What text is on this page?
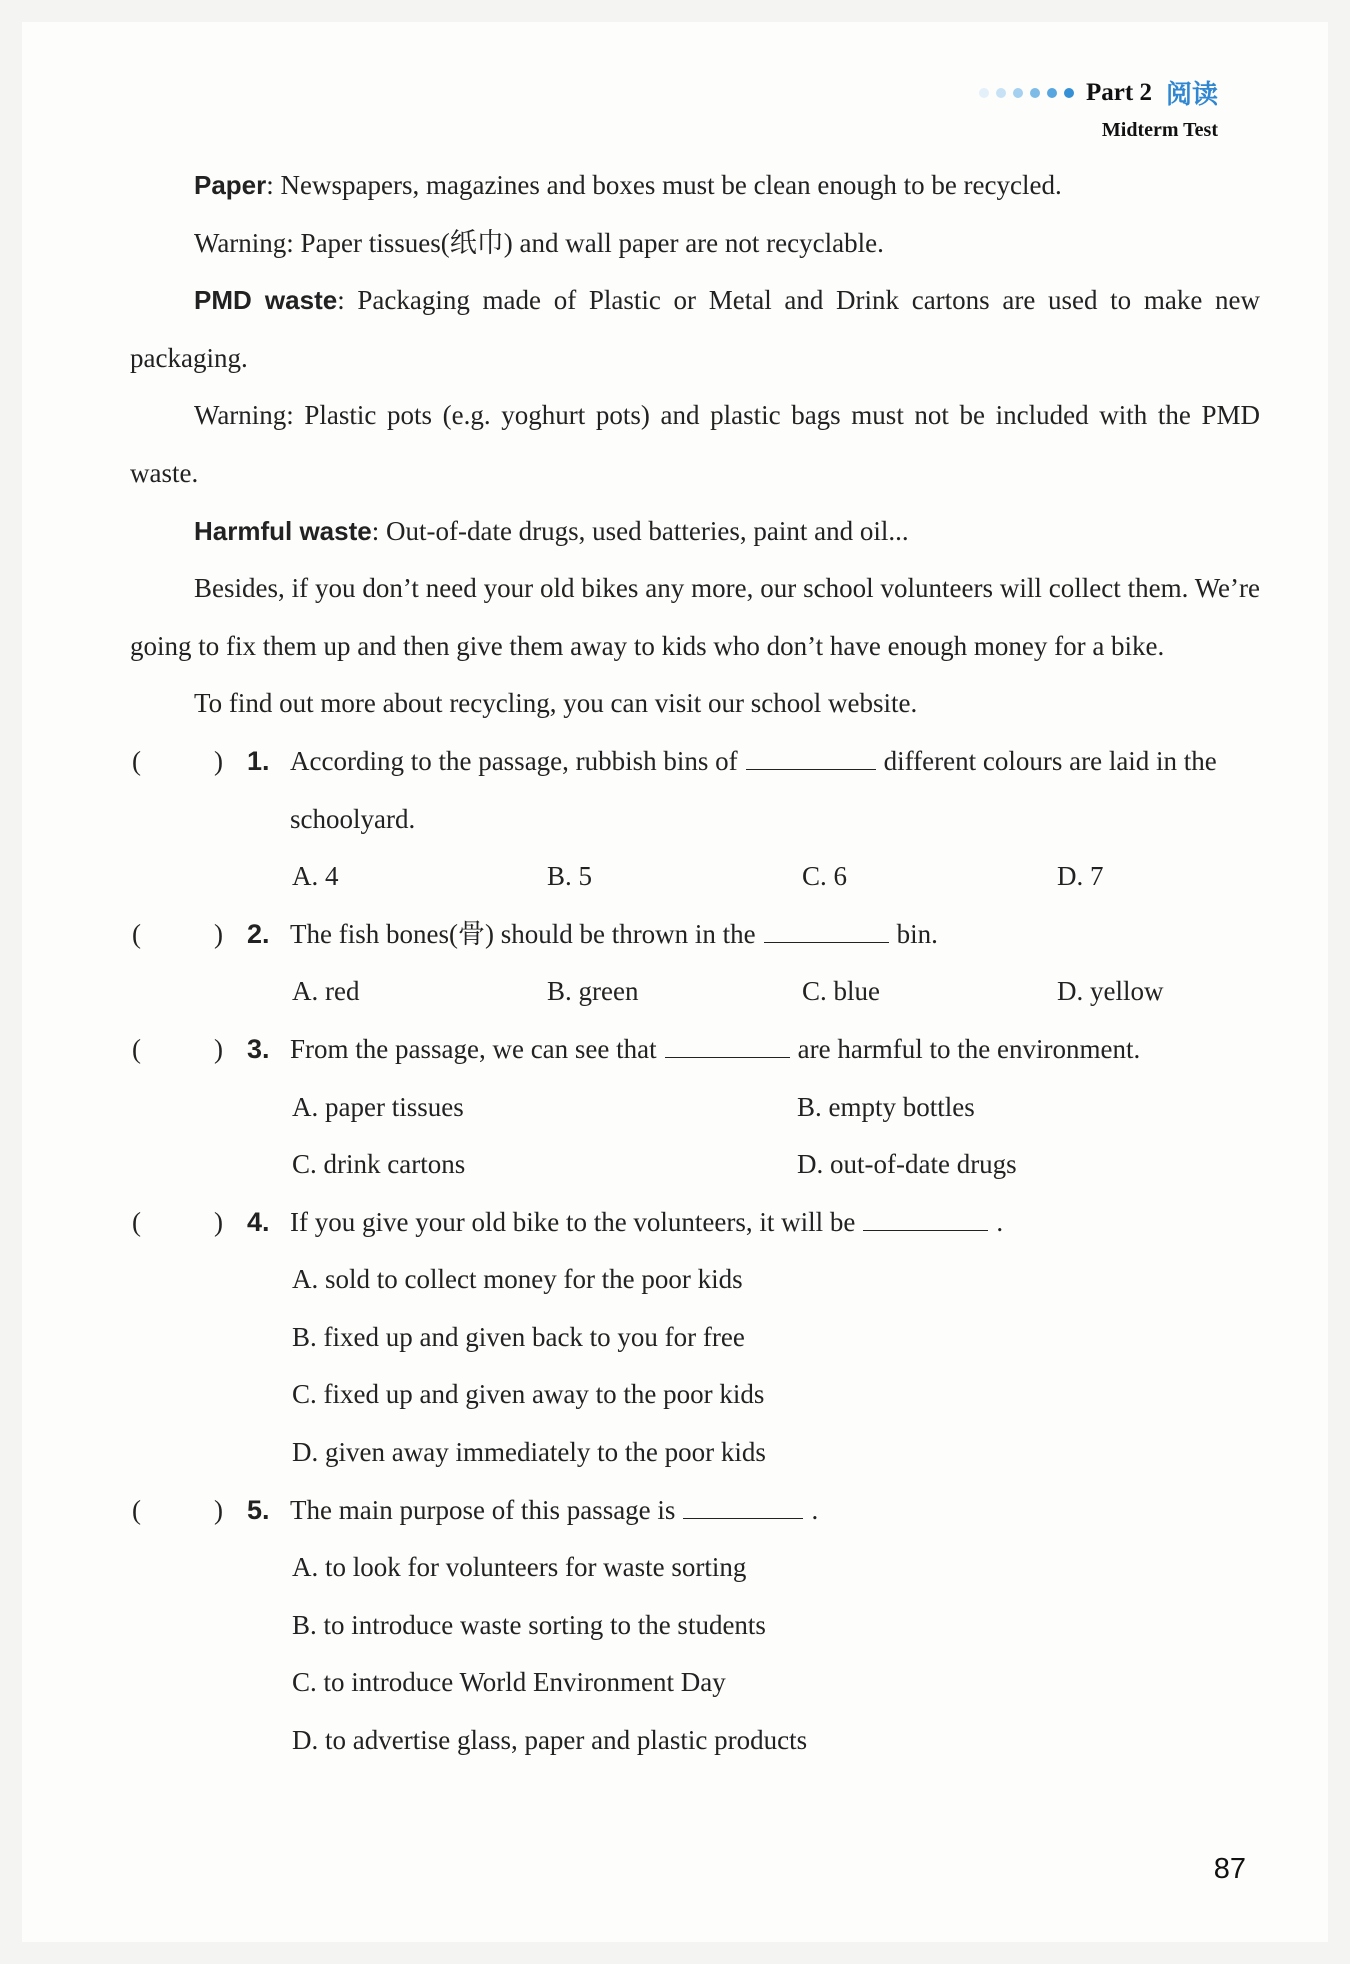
Part 2 阅读
Midterm Test

Paper: Newspapers, magazines and boxes must be clean enough to be recycled.

Warning: Paper tissues(纸巾) and wall paper are not recyclable.

PMD waste: Packaging made of Plastic or Metal and Drink cartons are used to make new packaging.

Warning: Plastic pots (e.g. yoghurt pots) and plastic bags must not be included with the PMD waste.

Harmful waste: Out-of-date drugs, used batteries, paint and oil...

Besides, if you don’t need your old bikes any more, our school volunteers will collect them. We’re going to fix them up and then give them away to kids who don’t have enough money for a bike.

To find out more about recycling, you can visit our school website.

(	) 1. According to the passage, rubbish bins of	different colours are laid in the schoolyard.
A. 4	B. 5	C. 6	D. 7
(	) 2. The fish bones(骨) should be thrown in the	bin.
A. red	B. green	C. blue	D. yellow
(	) 3. From the passage, we can see that	are harmful to the environment.
A. paper tissues	B. empty bottles
C. drink cartons	D. out-of-date drugs
(	) 4. If you give your old bike to the volunteers, it will be	.
A. sold to collect money for the poor kids
B. fixed up and given back to you for free
C. fixed up and given away to the poor kids
D. given away immediately to the poor kids
(	) 5. The main purpose of this passage is	.
A. to look for volunteers for waste sorting
B. to introduce waste sorting to the students
C. to introduce World Environment Day
D. to advertise glass, paper and plastic products
87
